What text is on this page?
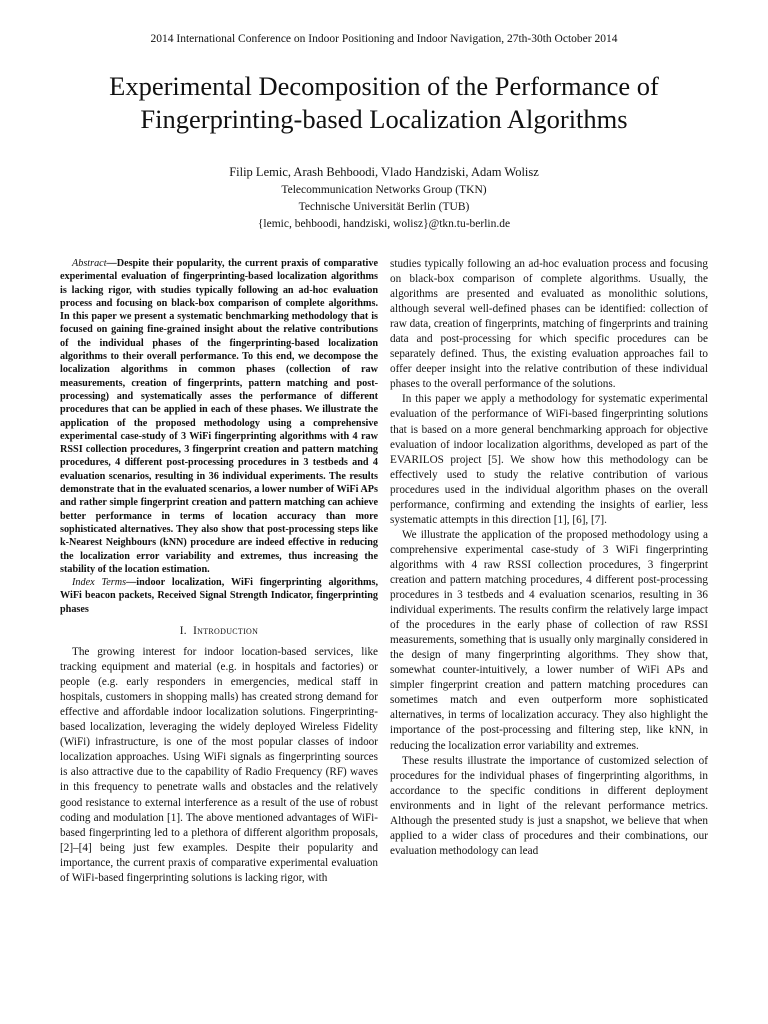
2014 International Conference on Indoor Positioning and Indoor Navigation, 27th-30th October 2014
Experimental Decomposition of the Performance of
Fingerprinting-based Localization Algorithms
Filip Lemic, Arash Behboodi, Vlado Handziski, Adam Wolisz
Telecommunication Networks Group (TKN)
Technische Universität Berlin (TUB)
{lemic, behboodi, handziski, wolisz}@tkn.tu-berlin.de

Abstract—Despite their popularity, the current praxis of comparative experimental evaluation of fingerprinting-based localization algorithms is lacking rigor, with studies typically following an ad-hoc evaluation process and focusing on black-box comparison of complete algorithms. In this paper we present a systematic benchmarking methodology that is focused on gaining fine-grained insight about the relative contributions of the individual phases of the fingerprinting-based localization algorithms to their overall performance. To this end, we decompose the localization algorithms in common phases (collection of raw measurements, creation of fingerprints, pattern matching and post-processing) and systematically asses the performance of different procedures that can be applied in each of these phases. We illustrate the application of the proposed methodology using a comprehensive experimental case-study of 3 WiFi fingerprinting algorithms with 4 raw RSSI collection procedures, 3 fingerprint creation and pattern matching procedures, 4 different post-processing procedures in 3 testbeds and 4 evaluation scenarios, resulting in 36 individual experiments. The results demonstrate that in the evaluated scenarios, a lower number of WiFi APs and rather simple fingerprint creation and pattern matching can achieve better performance in terms of location accuracy than more sophisticated alternatives. They also show that post-processing steps like k-Nearest Neighbours (kNN) procedure are indeed effective in reducing the localization error variability and extremes, thus increasing the stability of the location estimation.

Index Terms—indoor localization, WiFi fingerprinting algorithms, WiFi beacon packets, Received Signal Strength Indicator, fingerprinting phases

I. Introduction

The growing interest for indoor location-based services, like tracking equipment and material (e.g. in hospitals and factories) or people (e.g. early responders in emergencies, medical staff in hospitals, customers in shopping malls) has created strong demand for effective and affordable indoor localization solutions. Fingerprinting-based localization, leveraging the widely deployed Wireless Fidelity (WiFi) infrastructure, is one of the most popular classes of indoor localization approaches. Using WiFi signals as fingerprinting sources is also attractive due to the capability of Radio Frequency (RF) waves in this frequency to penetrate walls and obstacles and the relatively good resistance to external interference as a result of the use of robust coding and modulation [1]. The above mentioned advantages of WiFi-based fingerprinting led to a plethora of different algorithm proposals, [2]–[4] being just few examples. Despite their popularity and importance, the current praxis of comparative experimental evaluation of WiFi-based fingerprinting solutions is lacking rigor, with

studies typically following an ad-hoc evaluation process and focusing on black-box comparison of complete algorithms. Usually, the algorithms are presented and evaluated as monolithic solutions, although several well-defined phases can be identified: collection of raw data, creation of fingerprints, matching of fingerprints and training data and post-processing for which specific procedures can be separately defined. Thus, the existing evaluation approaches fail to offer deeper insight into the relative contribution of these individual phases to the overall performance of the solutions.

In this paper we apply a methodology for systematic experimental evaluation of the performance of WiFi-based fingerprinting solutions that is based on a more general benchmarking approach for objective evaluation of indoor localization algorithms, developed as part of the EVARILOS project [5]. We show how this methodology can be effectively used to study the relative contribution of various procedures used in the individual algorithm phases on the overall performance, confirming and extending the insights of earlier, less systematic attempts in this direction [1], [6], [7].

We illustrate the application of the proposed methodology using a comprehensive experimental case-study of 3 WiFi fingerprinting algorithms with 4 raw RSSI collection procedures, 3 fingerprint creation and pattern matching procedures, 4 different post-processing procedures in 3 testbeds and 4 evaluation scenarios, resulting in 36 individual experiments. The results confirm the relatively large impact of the procedures in the early phase of collection of raw RSSI measurements, something that is usually only marginally considered in the design of many fingerprinting algorithms. They show that, somewhat counter-intuitively, a lower number of WiFi APs and simpler fingerprint creation and pattern matching procedures can sometimes match and even outperform more sophisticated alternatives, in terms of localization accuracy. They also highlight the importance of the post-processing and filtering step, like kNN, in reducing the localization error variability and extremes.

These results illustrate the importance of customized selection of procedures for the individual phases of fingerprinting algorithms, in accordance to the specific conditions in different deployment environments and in light of the relevant performance metrics. Although the presented study is just a snapshot, we believe that when applied to a wider class of procedures and their combinations, our evaluation methodology can lead
